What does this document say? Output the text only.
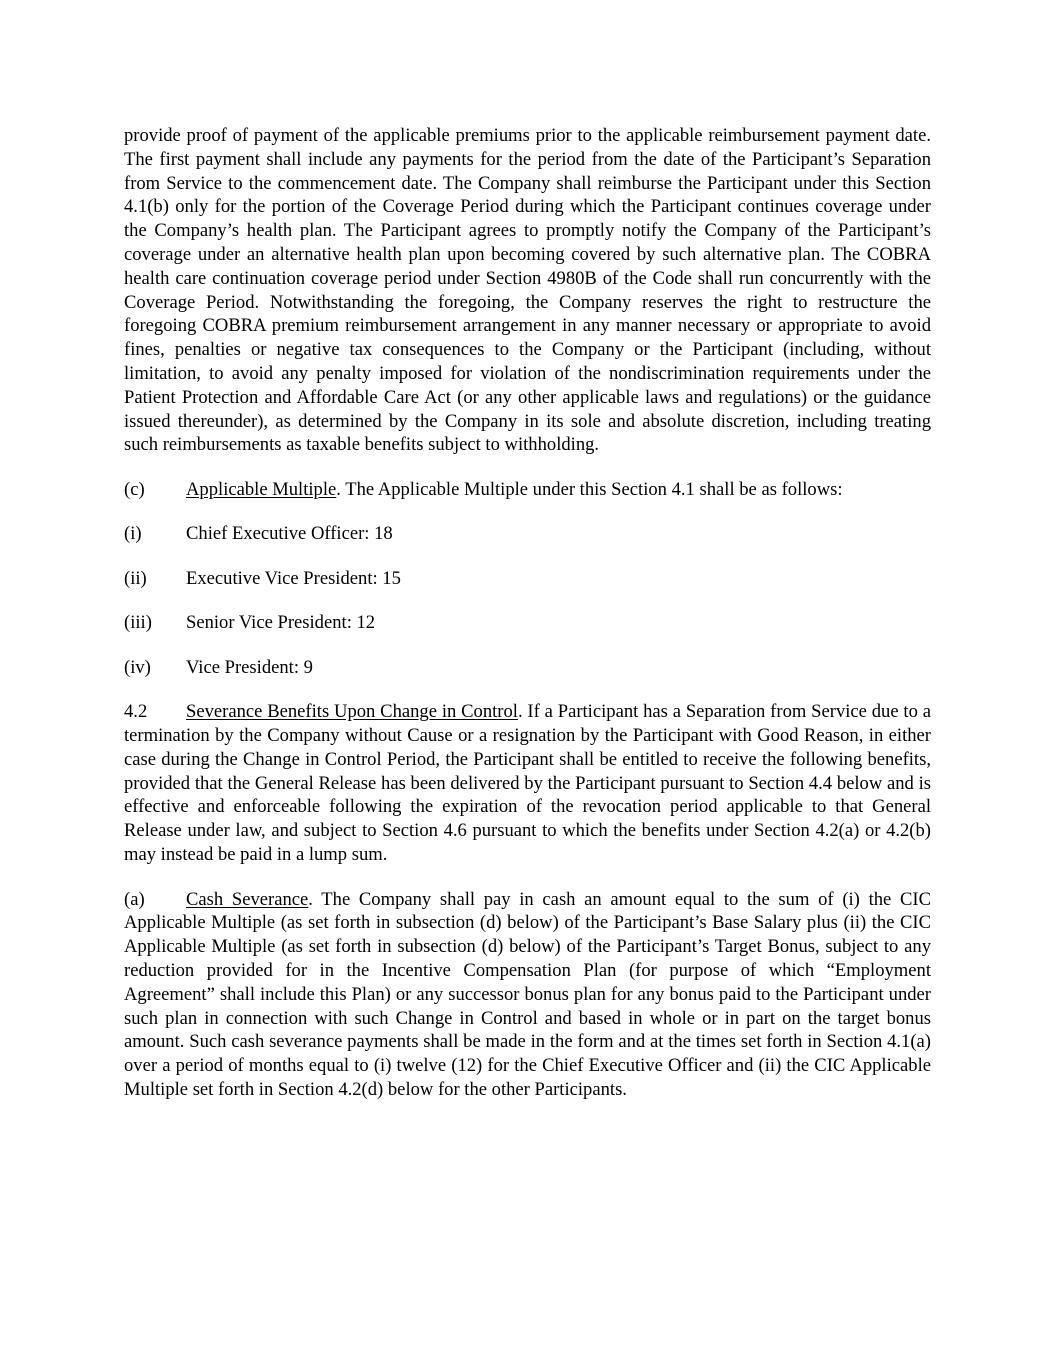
provide proof of payment of the applicable premiums prior to the applicable reimbursement payment date. The first payment shall include any payments for the period from the date of the Participant’s Separation from Service to the commencement date. The Company shall reimburse the Participant under this Section 4.1(b) only for the portion of the Coverage Period during which the Participant continues coverage under the Company’s health plan. The Participant agrees to promptly notify the Company of the Participant’s coverage under an alternative health plan upon becoming covered by such alternative plan. The COBRA health care continuation coverage period under Section 4980B of the Code shall run concurrently with the Coverage Period. Notwithstanding the foregoing, the Company reserves the right to restructure the foregoing COBRA premium reimbursement arrangement in any manner necessary or appropriate to avoid fines, penalties or negative tax consequences to the Company or the Participant (including, without limitation, to avoid any penalty imposed for violation of the nondiscrimination requirements under the Patient Protection and Affordable Care Act (or any other applicable laws and regulations) or the guidance issued thereunder), as determined by the Company in its sole and absolute discretion, including treating such reimbursements as taxable benefits subject to withholding.

(c)	Applicable Multiple. The Applicable Multiple under this Section 4.1 shall be as follows:
(i)	Chief Executive Officer: 18
(ii)	Executive Vice President: 15
(iii)	Senior Vice President: 12
(iv)	Vice President: 9

4.2 Severance Benefits Upon Change in Control. If a Participant has a Separation from Service due to a termination by the Company without Cause or a resignation by the Participant with Good Reason, in either case during the Change in Control Period, the Participant shall be entitled to receive the following benefits, provided that the General Release has been delivered by the Participant pursuant to Section 4.4 below and is effective and enforceable following the expiration of the revocation period applicable to that General Release under law, and subject to Section 4.6 pursuant to which the benefits under Section 4.2(a) or 4.2(b) may instead be paid in a lump sum.

(a) Cash Severance. The Company shall pay in cash an amount equal to the sum of (i) the CIC Applicable Multiple (as set forth in subsection (d) below) of the Participant’s Base Salary plus (ii) the CIC Applicable Multiple (as set forth in subsection (d) below) of the Participant’s Target Bonus, subject to any reduction provided for in the Incentive Compensation Plan (for purpose of which “Employment Agreement” shall include this Plan) or any successor bonus plan for any bonus paid to the Participant under such plan in connection with such Change in Control and based in whole or in part on the target bonus amount. Such cash severance payments shall be made in the form and at the times set forth in Section 4.1(a) over a period of months equal to (i) twelve (12) for the Chief Executive Officer and (ii) the CIC Applicable Multiple set forth in Section 4.2(d) below for the other Participants.
